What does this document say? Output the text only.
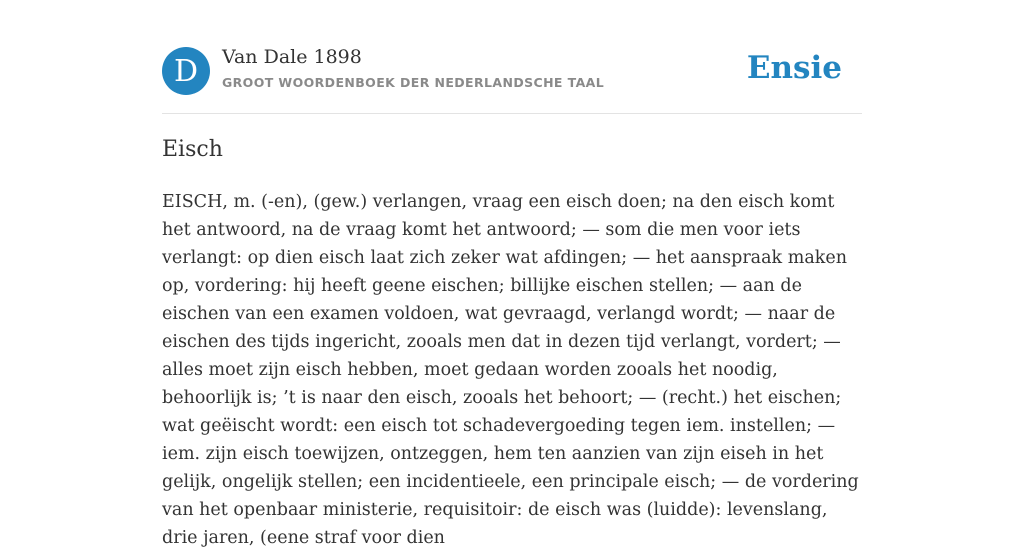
D	Van Dale 1898
GROOT WOORDENBOEK DER NEDERLANDSCHE TAAL	Ensie
Eisch

EISCH, m. (-en), (gew.) verlangen, vraag een eisch doen; na den eisch komt het antwoord, na de vraag komt het antwoord; — som die men voor iets verlangt: op dien eisch laat zich zeker wat afdingen; — het aanspraak maken op, vordering: hij heeft geene eischen; billijke eischen stellen; — aan de eischen van een examen voldoen, wat gevraagd, verlangd wordt; — naar de eischen des tijds ingericht, zooals men dat in dezen tijd verlangt, vordert; — alles moet zijn eisch hebben, moet gedaan worden zooals het noodig, behoorlijk is; ’t is naar den eisch, zooals het behoort; — (recht.) het eischen; wat geëischt wordt: een eisch tot schadevergoeding tegen iem. instellen; — iem. zijn eisch toewijzen, ontzeggen, hem ten aanzien van zijn eiseh in het gelijk, ongelijk stellen; een incidentieele, een principale eisch; — de vordering van het openbaar ministerie, requisitoir: de eisch was (luidde): levenslang, drie jaren, (eene straf voor dien
